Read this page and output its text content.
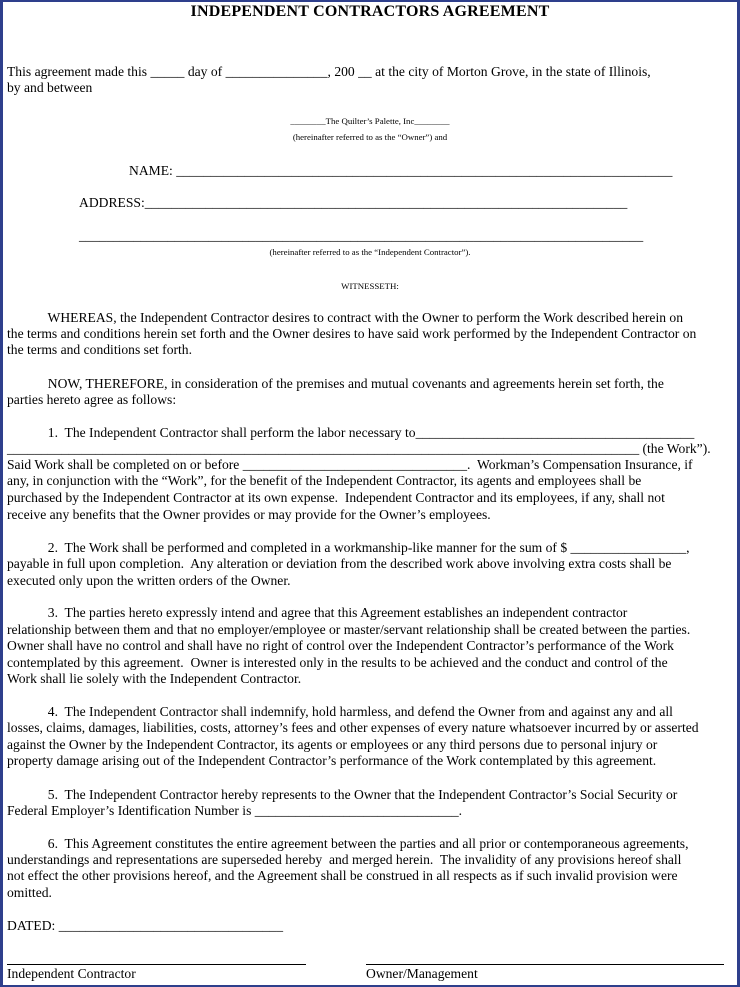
INDEPENDENT CONTRACTORS AGREEMENT
This agreement made this _____ day of _______________, 200 __ at the city of Morton Grove, in the state of Illinois,
by and between
________The Quilter’s Palette, Inc________
(hereinafter referred to as the “Owner”) and
NAME: _________________________________________________________________________
ADDRESS:_______________________________________________________________________
___________________________________________________________________________________
(hereinafter referred to as the “Independent Contractor”).
WITNESSETH:
WHEREAS, the Independent Contractor desires to contract with the Owner to perform the Work described herein on
the terms and conditions herein set forth and the Owner desires to have said work performed by the Independent Contractor on
the terms and conditions set forth.
NOW, THEREFORE, in consideration of the premises and mutual covenants and agreements herein set forth, the
parties hereto agree as follows:
1.  The Independent Contractor shall perform the labor necessary to_________________________________________
_____________________________________________________________________________________________ (the Work”).
Said Work shall be completed on or before _________________________________.  Workman’s Compensation Insurance, if
any, in conjunction with the “Work”, for the benefit of the Independent Contractor, its agents and employees shall be
purchased by the Independent Contractor at its own expense.  Independent Contractor and its employees, if any, shall not
receive any benefits that the Owner provides or may provide for the Owner’s employees.
2.  The Work shall be performed and completed in a workmanship-like manner for the sum of $ _________________,
payable in full upon completion.  Any alteration or deviation from the described work above involving extra costs shall be
executed only upon the written orders of the Owner.
3.  The parties hereto expressly intend and agree that this Agreement establishes an independent contractor
relationship between them and that no employer/employee or master/servant relationship shall be created between the parties.
Owner shall have no control and shall have no right of control over the Independent Contractor’s performance of the Work
contemplated by this agreement.  Owner is interested only in the results to be achieved and the conduct and control of the
Work shall lie solely with the Independent Contractor.
4.  The Independent Contractor shall indemnify, hold harmless, and defend the Owner from and against any and all
losses, claims, damages, liabilities, costs, attorney’s fees and other expenses of every nature whatsoever incurred by or asserted
against the Owner by the Independent Contractor, its agents or employees or any third persons due to personal injury or
property damage arising out of the Independent Contractor’s performance of the Work contemplated by this agreement.
5.  The Independent Contractor hereby represents to the Owner that the Independent Contractor’s Social Security or
Federal Employer’s Identification Number is ______________________________.
6.  This Agreement constitutes the entire agreement between the parties and all prior or contemporaneous agreements,
understandings and representations are superseded hereby  and merged herein.  The invalidity of any provisions hereof shall
not effect the other provisions hereof, and the Agreement shall be construed in all respects as if such invalid provision were
omitted.
DATED: _________________________________
Independent Contractor	Owner/Management
